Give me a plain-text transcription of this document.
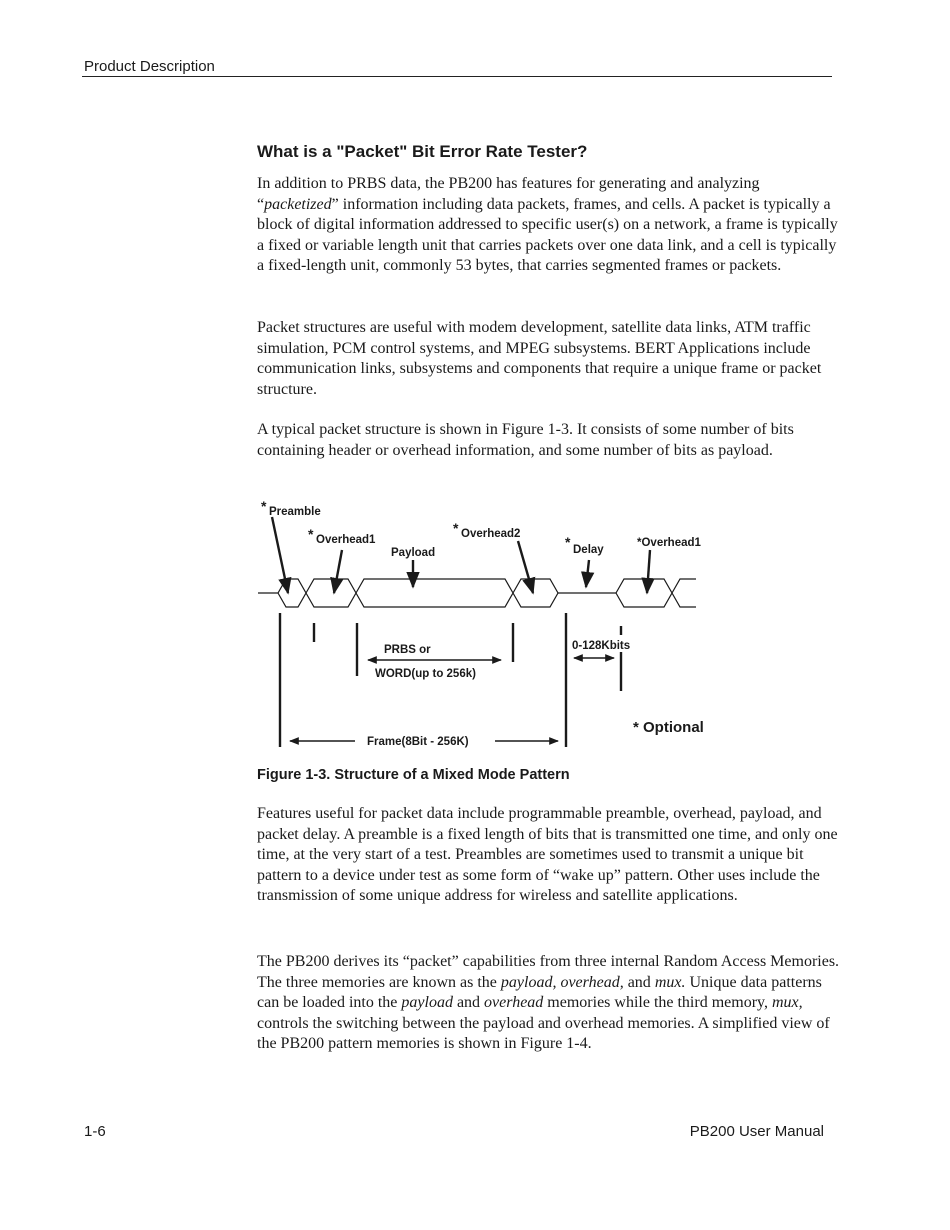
Product Description
What is a "Packet" Bit Error Rate Tester?

In addition to PRBS data, the PB200 has features for generating and analyzing “packetized” information including data packets, frames, and cells. A packet is typically a block of digital information addressed to specific user(s) on a network, a frame is typically a fixed or variable length unit that carries packets over one data link, and a cell is typically a fixed-length unit, commonly 53 bytes, that carries segmented frames or packets.

Packet structures are useful with modem development, satellite data links, ATM traffic simulation, PCM control systems, and MPEG subsystems. BERT Applications include communication links, subsystems and components that require a unique frame or packet structure.

A typical packet structure is shown in Figure 1-3. It consists of some number of bits containing header or overhead information, and some number of bits as payload.

* Preamble
* Overhead1
Payload
* Overhead2	* Delay
*Overhead1
PRBS or
WORD(up to 256k)
0-128Kbits
Frame(8Bit - 256K)
* Optional

Figure 1-3. Structure of a Mixed Mode Pattern

Features useful for packet data include programmable preamble, overhead, payload, and packet delay. A preamble is a fixed length of bits that is transmitted one time, and only one time, at the very start of a test. Preambles are sometimes used to transmit a unique bit pattern to a device under test as some form of “wake up” pattern. Other uses include the transmission of some unique address for wireless and satellite applications.

The PB200 derives its “packet” capabilities from three internal Random Access Memories. The three memories are known as the payload, overhead, and mux. Unique data patterns can be loaded into the payload and overhead memories while the third memory, mux, controls the switching between the payload and overhead memories. A simplified view of the PB200 pattern memories is shown in Figure 1-4.

1-6	PB200 User Manual
